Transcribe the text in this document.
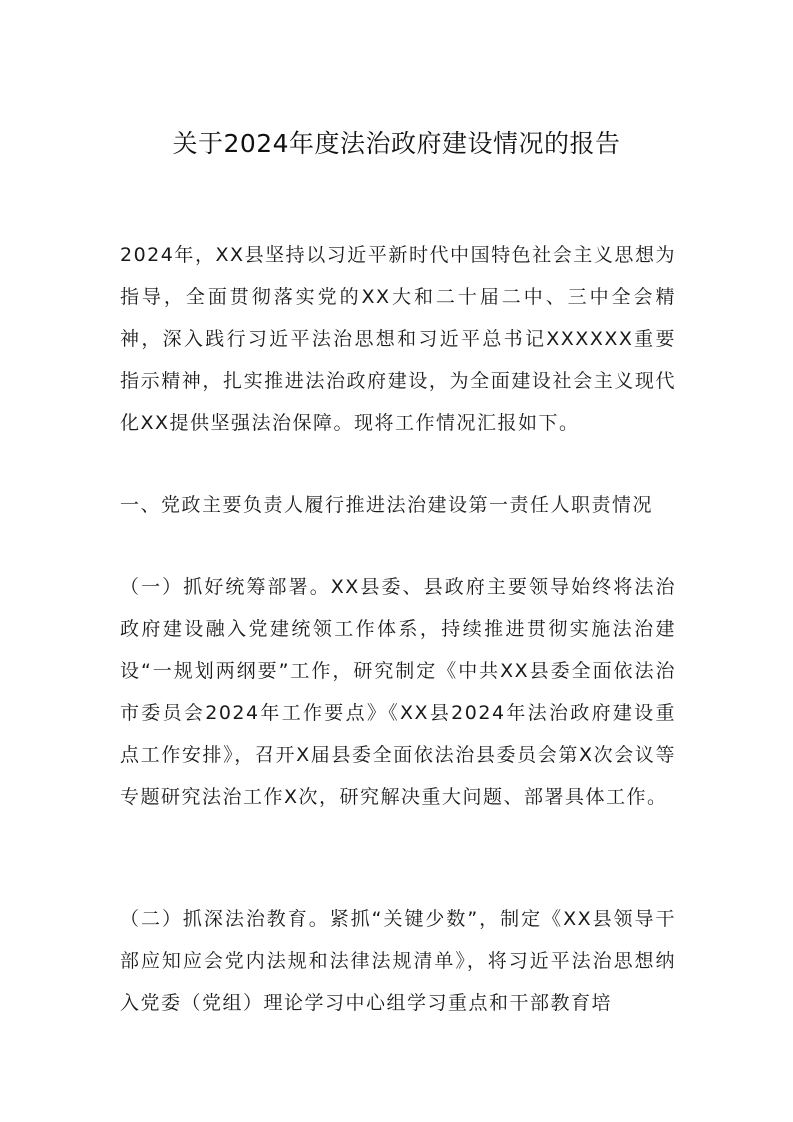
关于2024年度法治政府建设情况的报告

2024年，XX县坚持以习近平新时代中国特色社会主义思想为指导，全面贯彻落实党的XX大和二十届二中、三中全会精神，深入践行习近平法治思想和习近平总书记XXXXXX重要指示精神，扎实推进法治政府建设，为全面建设社会主义现代化XX提供坚强法治保障。现将工作情况汇报如下。

一、党政主要负责人履行推进法治建设第一责任人职责情况

（一）抓好统筹部署。XX县委、县政府主要领导始终将法治政府建设融入党建统领工作体系，持续推进贯彻实施法治建设“一规划两纲要”工作，研究制定《中共XX县委全面依法治市委员会2024年工作要点》《XX县2024年法治政府建设重点工作安排》，召开X届县委全面依法治县委员会第X次会议等专题研究法治工作X次，研究解决重大问题、部署具体工作。

（二）抓深法治教育。紧抓“关键少数”，制定《XX县领导干部应知应会党内法规和法律法规清单》，将习近平法治思想纳入党委（党组）理论学习中心组学习重点和干部教育培
